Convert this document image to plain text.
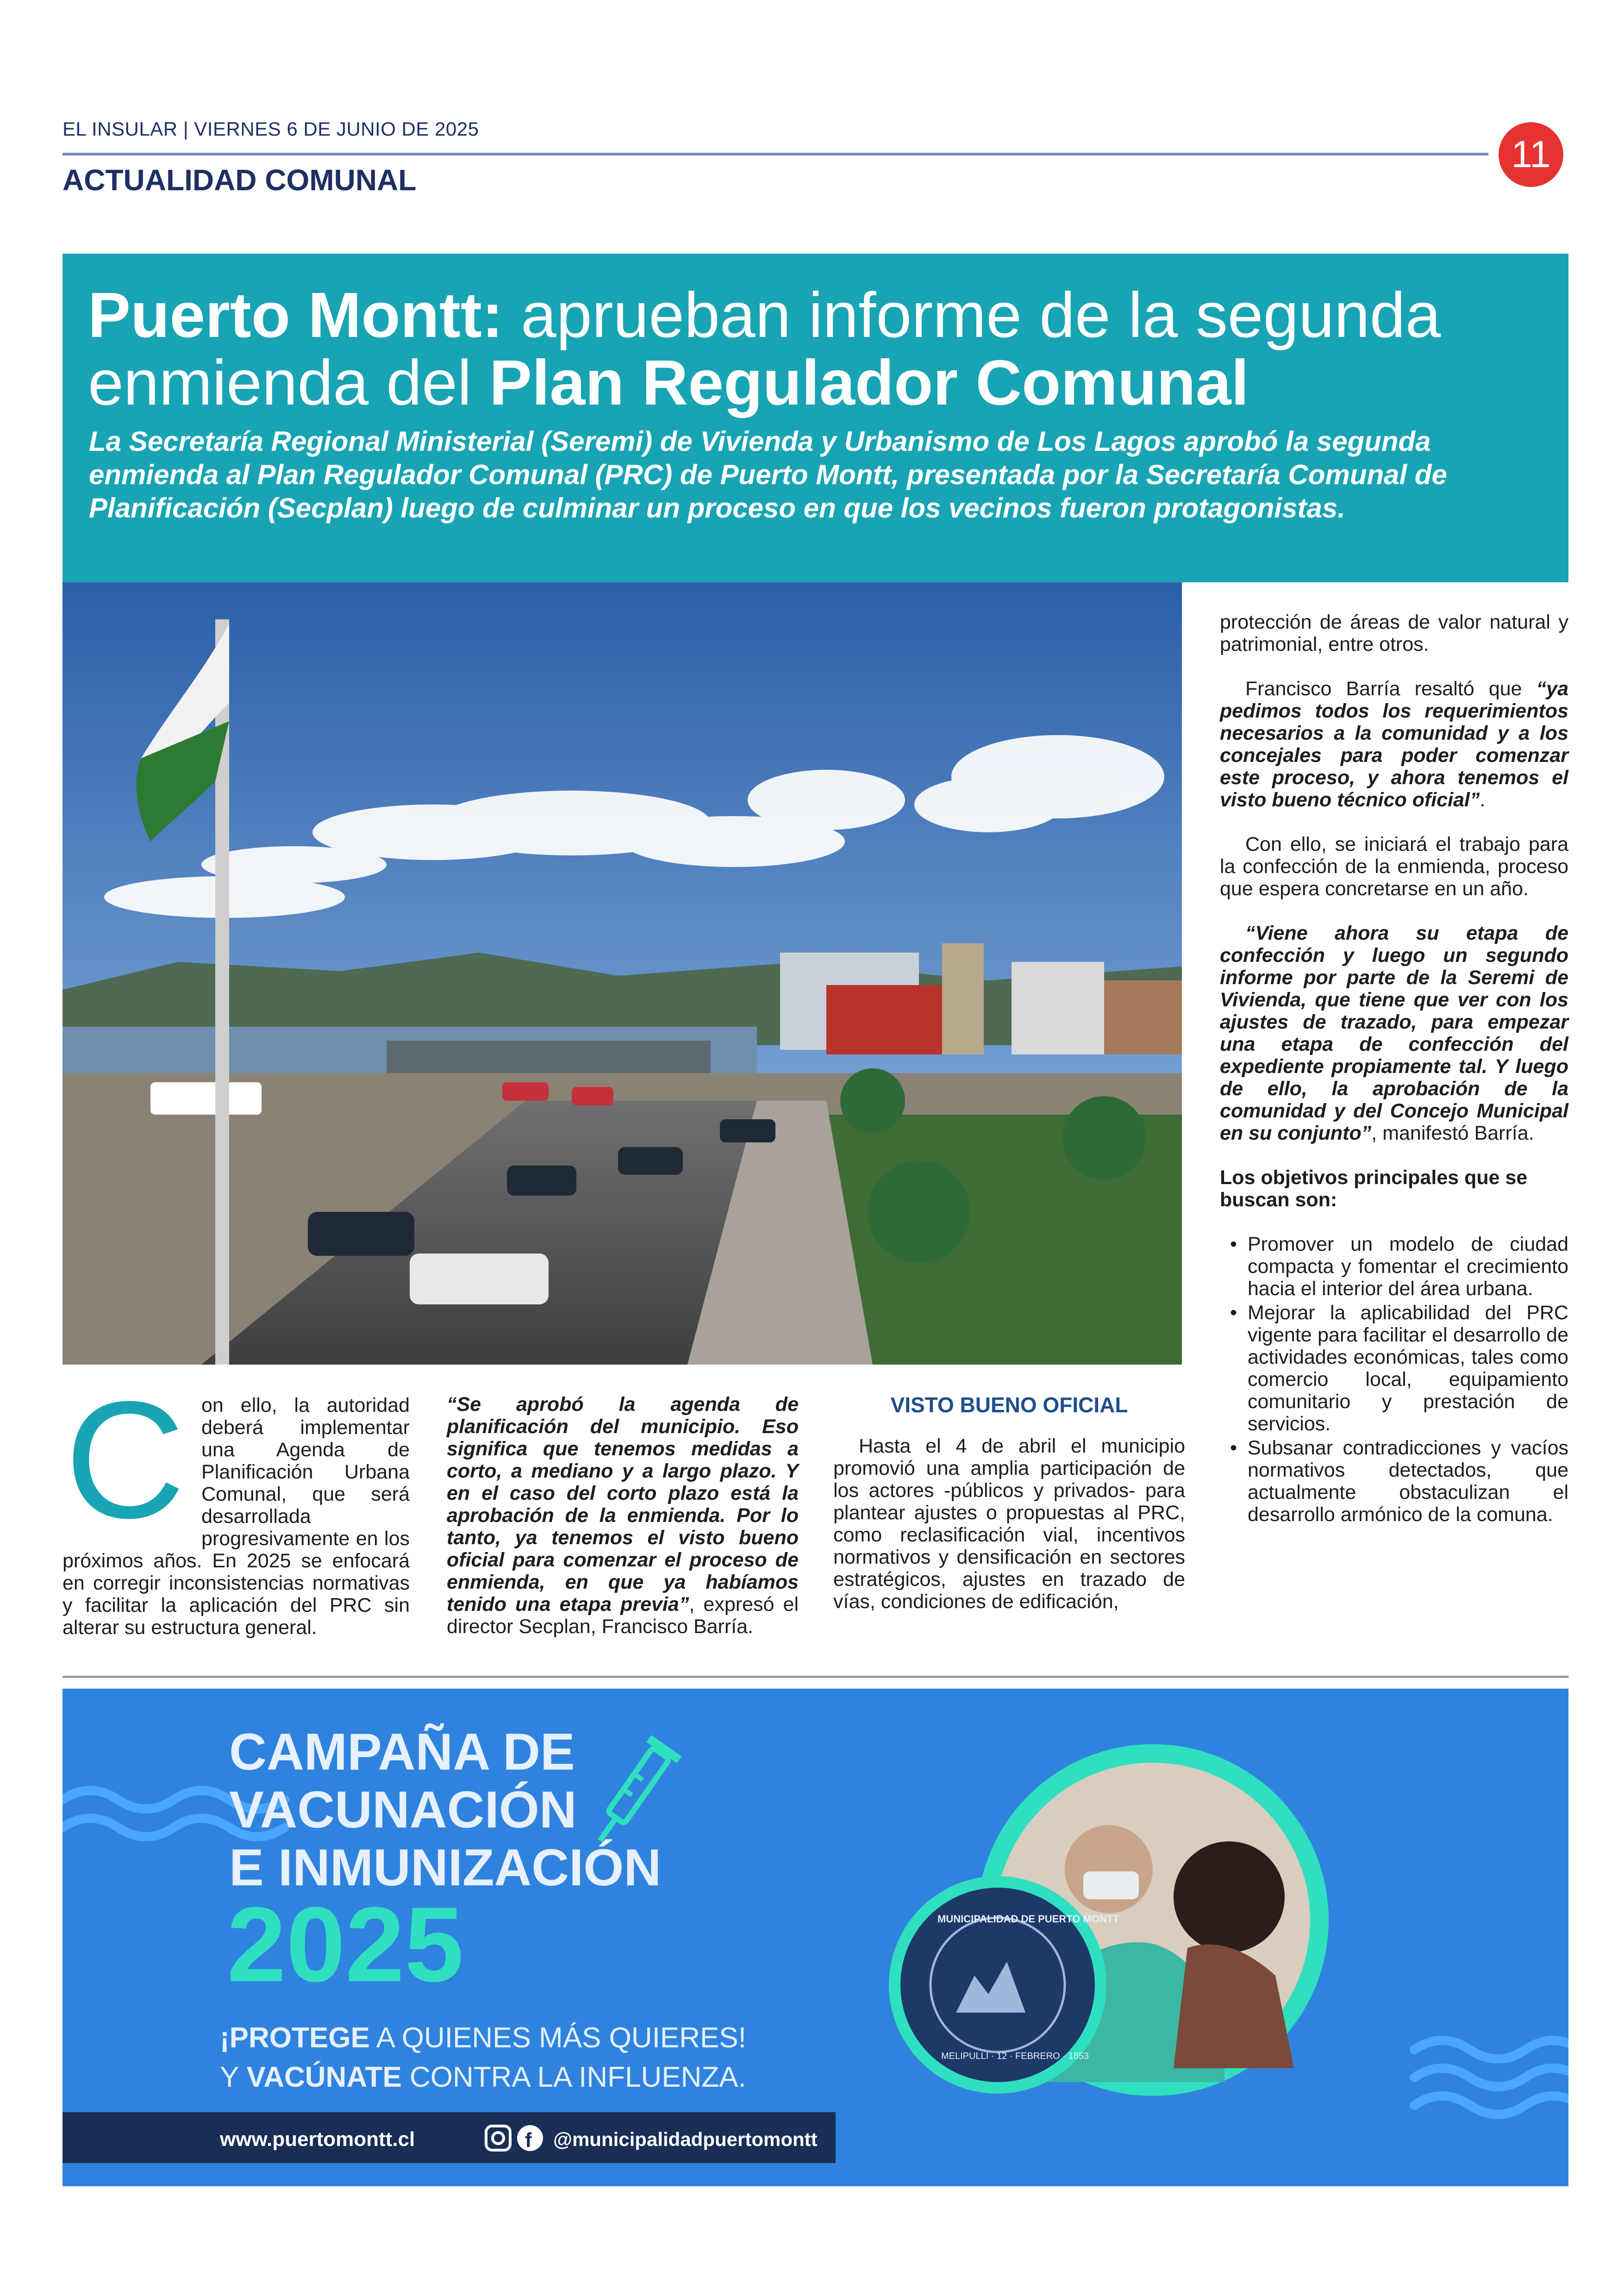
EL INSULAR | VIERNES 6 DE JUNIO DE 2025
11
ACTUALIDAD COMUNAL
Puerto Montt: aprueban informe de la segunda enmienda del Plan Regulador Comunal
La Secretaría Regional Ministerial (Seremi) de Vivienda y Urbanismo de Los Lagos aprobó la segunda enmienda al Plan Regulador Comunal (PRC) de Puerto Montt, presentada por la Secretaría Comunal de Planificación (Secplan) luego de culminar un proceso en que los vecinos fueron protagonistas.
C on ello, la autoridad deberá implementar una Agenda de Planificación Urbana Comunal, que será desarrollada progresivamente en los próximos años. En 2025 se enfocará en corregir inconsistencias normativas y facilitar la aplicación del PRC sin alterar su estructura general.

“Se aprobó la agenda de planificación del municipio. Eso significa que tenemos medidas a corto, a mediano y a largo plazo. Y en el caso del corto plazo está la aprobación de la enmienda. Por lo tanto, ya tenemos el visto bueno oficial para comenzar el proceso de enmienda, en que ya habíamos tenido una etapa previa”, expresó el director Secplan, Francisco Barría.

VISTO BUENO OFICIAL

Hasta el 4 de abril el municipio promovió una amplia participación de los actores -públicos y privados- para plantear ajustes o propuestas al PRC, como reclasificación vial, incentivos normativos y densificación en sectores estratégicos, ajustes en trazado de vías, condiciones de edificación,

protección de áreas de valor natural y patrimonial, entre otros.

Francisco Barría resaltó que “ya pedimos todos los requerimientos necesarios a la comunidad y a los concejales para poder comenzar este proceso, y ahora tenemos el visto bueno técnico oficial”.

Con ello, se iniciará el trabajo para la confección de la enmienda, proceso que espera concretarse en un año.

“Viene ahora su etapa de confección y luego un segundo informe por parte de la Seremi de Vivienda, que tiene que ver con los ajustes de trazado, para empezar una etapa de confección del expediente propiamente tal. Y luego de ello, la aprobación de la comunidad y del Concejo Municipal en su conjunto”, manifestó Barría.

Los objetivos principales que se buscan son:

• Promover un modelo de ciudad compacta y fomentar el crecimiento hacia el interior del área urbana.
• Mejorar la aplicabilidad del PRC vigente para facilitar el desarrollo de actividades económicas, tales como comercio local, equipamiento comunitario y prestación de servicios.
• Subsanar contradicciones y vacíos normativos detectados, que actualmente obstaculizan el desarrollo armónico de la comuna.
CAMPAÑA DE
VACUNACIÓN
E INMUNIZACIÓN
2025
¡PROTEGE A QUIENES MÁS QUIERES!
Y VACÚNATE CONTRA LA INFLUENZA.
MUNICIPALIDAD DE PUERTO MONTT
MELIPULLI · 12 · FEBRERO · 1853
www.puertomontt.cl	f @municipalidadpuertomontt
